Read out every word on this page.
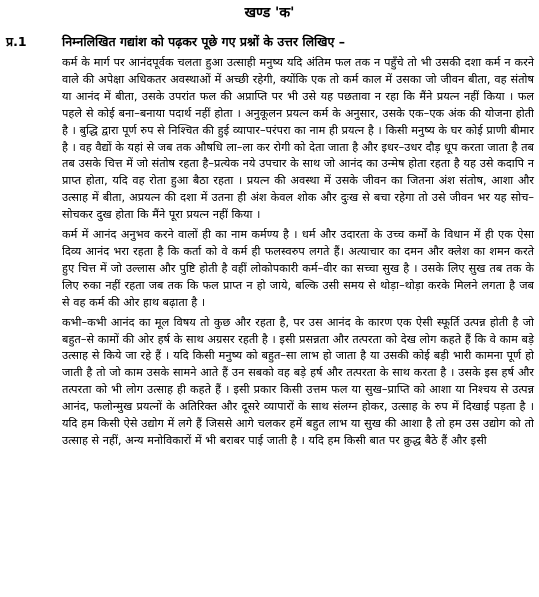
खण्ड 'क'
प्र.1	निम्नलिखित गद्यांश को पढ़कर पूछे गए प्रश्नों के उत्तर लिखिए –

कर्म के मार्ग पर आनंदपूर्वक चलता हुआ उत्साही मनुष्य यदि अंतिम फल तक न पहुँचे तो भी उसकी दशा कर्म न करने वाले की अपेक्षा अधिकतर अवस्थाओं में अच्छी रहेगी, क्योंकि एक तो कर्म काल में उसका जो जीवन बीता, वह संतोष या आनंद में बीता, उसके उपरांत फल की अप्राप्ति पर भी उसे यह पछतावा न रहा कि मैंने प्रयत्न नहीं किया । फल पहले से कोई बना–बनाया पदार्थ नहीं होता । अनुकूलन प्रयत्न कर्म के अनुसार, उसके एक–एक अंक की योजना होती है । बुद्धि द्वारा पूर्ण रुप से निश्चित की हुई व्यापार–परंपरा का नाम ही प्रयत्न है । किसी मनुष्य के घर कोई प्राणी बीमार है । वह वैद्यों के यहां से जब तक औषधि ला–ला कर रोगी को देता जाता है और इधर–उधर दौड़ धूप करता जाता है तब तब उसके चित्त में जो संतोष रहता है–प्रत्येक नये उपचार के साथ जो आनंद का उन्मेष होता रहता है यह उसे कदापि न प्राप्त होता, यदि वह रोता हुआ बैठा रहता । प्रयत्न की अवस्था में उसके जीवन का जितना अंश संतोष, आशा और उत्साह में बीता, अप्रयत्न की दशा में उतना ही अंश केवल शोक और दुःख से बचा रहेगा तो उसे जीवन भर यह सोच–सोचकर दुख होता कि मैंने पूरा प्रयत्न नहीं किया ।

कर्म में आनंद अनुभव करने वालों ही का नाम कर्मण्य है । धर्म और उदारता के उच्च कर्मों के विधान में ही एक ऐसा दिव्य आनंद भरा रहता है कि कर्ता को वे कर्म ही फलस्वरुप लगते हैं। अत्याचार का दमन और क्लेश का शमन करते हुए चित्त में जो उल्लास और पुष्टि होती है वहीं लोकोपकारी कर्म–वीर का सच्चा सुख है । उसके लिए सुख तब तक के लिए रुका नहीं रहता जब तक कि फल प्राप्त न हो जाये, बल्कि उसी समय से थोड़ा–थोड़ा करके मिलने लगता है जब से वह कर्म की ओर हाथ बढ़ाता है ।

कभी–कभी आनंद का मूल विषय तो कुछ और रहता है, पर उस आनंद के कारण एक ऐसी स्फूर्ति उत्पन्न होती है जो बहुत–से कामों की ओर हर्ष के साथ अग्रसर रहती है । इसी प्रसन्नता और तत्परता को देख लोग कहते हैं कि वे काम बड़े उत्साह से किये जा रहे हैं । यदि किसी मनुष्य को बहुत–सा लाभ हो जाता है या उसकी कोई बड़ी भारी कामना पूर्ण हो जाती है तो जो काम उसके सामने आते हैं उन सबको वह बड़े हर्ष और तत्परता के साथ करता है । उसके इस हर्ष और तत्परता को भी लोग उत्साह ही कहते हैं । इसी प्रकार किसी उत्तम फल या सुख–प्राप्ति को आशा या निश्चय से उत्पन्न आनंद, फलोन्मुख प्रयत्नों के अतिरिक्त और दूसरे व्यापारों के साथ संलग्न होकर, उत्साह के रुप में दिखाई पड़ता है । यदि हम किसी ऐसे उद्योग में लगे हैं जिससे आगे चलकर हमें बहुत लाभ या सुख की आशा है तो हम उस उद्योग को तो उत्साह से नहीं, अन्य मनोविकारों में भी बराबर पाई जाती है । यदि हम किसी बात पर क्रुद्ध बैठे हैं और इसी
